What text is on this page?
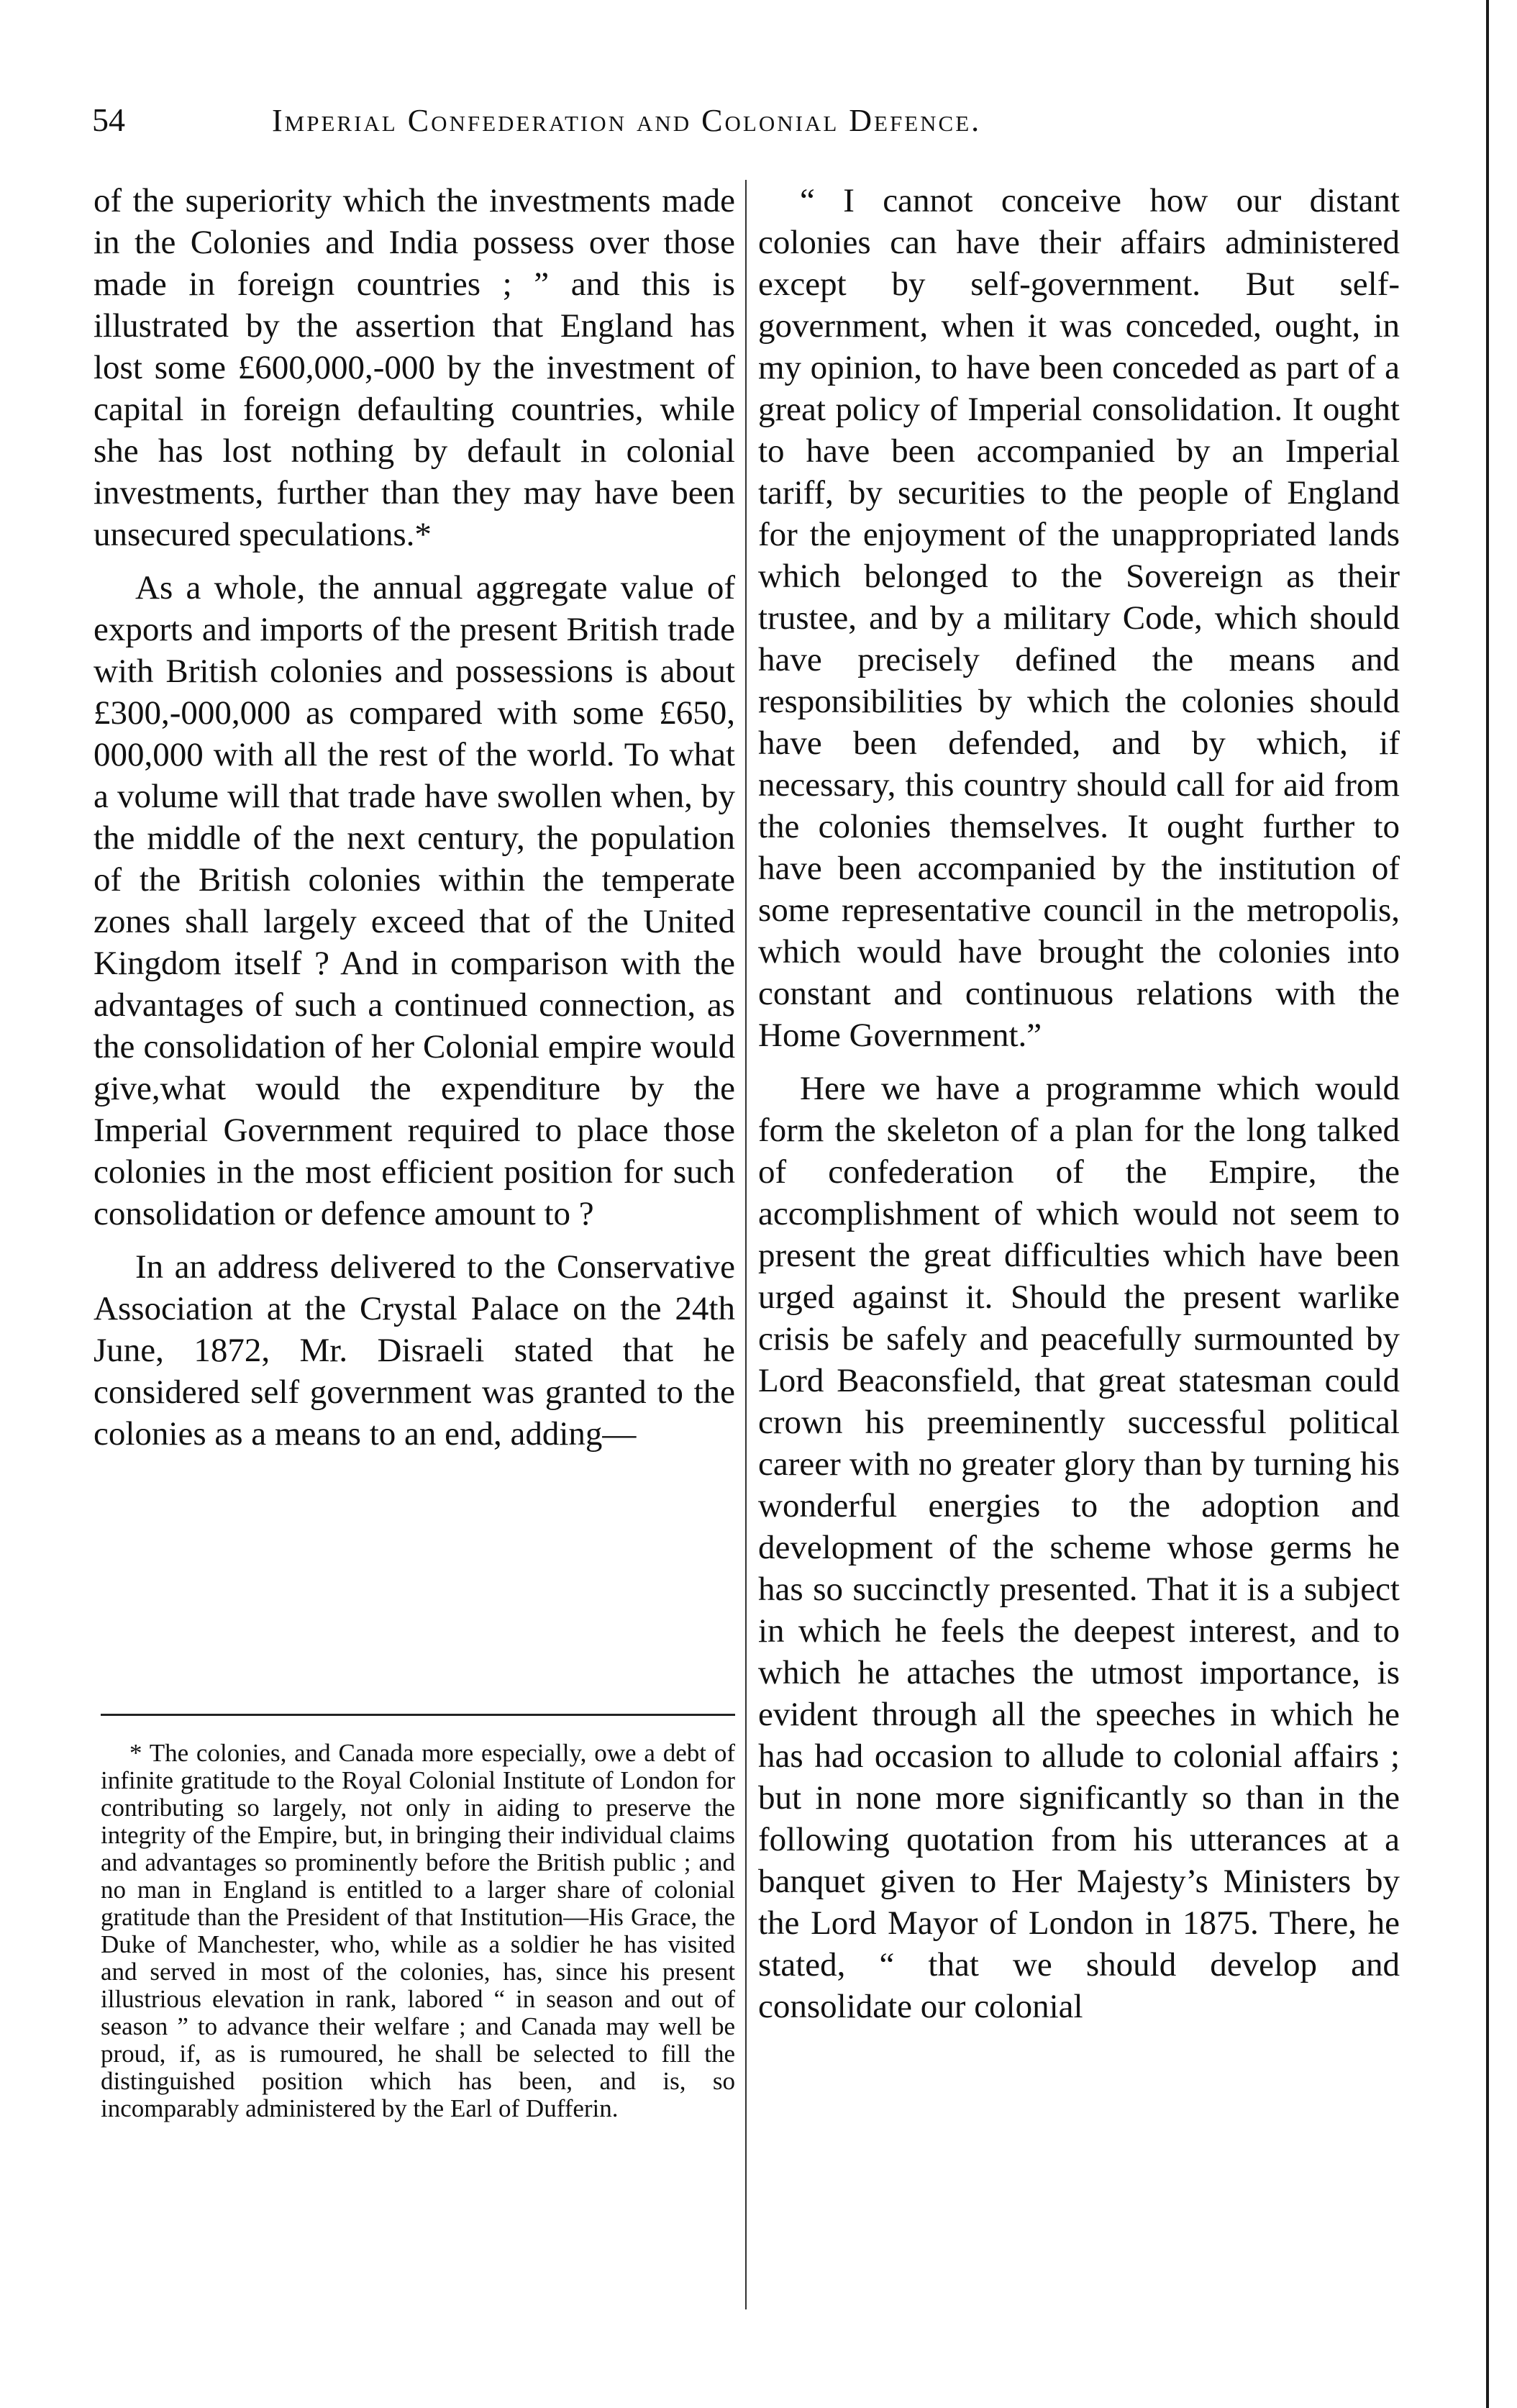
54	Imperial Confederation and Colonial Defence.

of the superiority which the investments made in the Colonies and India possess over those made in foreign countries ; ” and this is illustrated by the assertion that England has lost some £600,000,-000 by the investment of capital in foreign defaulting countries, while she has lost nothing by default in colonial investments, further than they may have been unsecured speculations.*

As a whole, the annual aggregate value of exports and imports of the present British trade with British colonies and possessions is about £300,-000,000 as compared with some £650, 000,000 with all the rest of the world. To what a volume will that trade have swollen when, by the middle of the next century, the population of the British colonies within the temperate zones shall largely exceed that of the United Kingdom itself ? And in comparison with the advantages of such a continued connection, as the consolidation of her Colonial empire would give,what would the expenditure by the Imperial Government required to place those colonies in the most efficient position for such consolidation or defence amount to ?

In an address delivered to the Conservative Association at the Crystal Palace on the 24th June, 1872, Mr. Disraeli stated that he considered self government was granted to the colonies as a means to an end, adding—

“ I cannot conceive how our distant colonies can have their affairs administered except by self-government. But self-government, when it was conceded, ought, in my opinion, to have been conceded as part of a great policy of Imperial consolidation. It ought to have been accompanied by an Imperial tariff, by securities to the people of England for the enjoyment of the unappropriated lands which belonged to the Sovereign as their trustee, and by a military Code, which should have precisely defined the means and responsibilities by which the colonies should have been defended, and by which, if necessary, this country should call for aid from the colonies themselves. It ought further to have been accompanied by the institution of some representative council in the metropolis, which would have brought the colonies into constant and continuous relations with the Home Government.”

Here we have a programme which would form the skeleton of a plan for the long talked of confederation of the Empire, the accomplishment of which would not seem to present the great difficulties which have been urged against it. Should the present warlike crisis be safely and peacefully surmounted by Lord Beaconsfield, that great statesman could crown his preeminently successful political career with no greater glory than by turning his wonderful energies to the adoption and development of the scheme whose germs he has so succinctly presented. That it is a subject in which he feels the deepest interest, and to which he attaches the utmost importance, is evident through all the speeches in which he has had occasion to allude to colonial affairs ; but in none more significantly so than in the following quotation from his utterances at a banquet given to Her Majesty’s Ministers by the Lord Mayor of London in 1875. There, he stated, “ that we should develop and consolidate our colonial

* The colonies, and Canada more especially, owe a debt of infinite gratitude to the Royal Colonial Institute of London for contributing so largely, not only in aiding to preserve the integrity of the Empire, but, in bringing their individual claims and advantages so prominently before the British public ; and no man in England is entitled to a larger share of colonial gratitude than the President of that Institution—His Grace, the Duke of Manchester, who, while as a soldier he has visited and served in most of the colonies, has, since his present illustrious elevation in rank, labored “ in season and out of season ” to advance their welfare ; and Canada may well be proud, if, as is rumoured, he shall be selected to fill the distinguished position which has been, and is, so incomparably administered by the Earl of Dufferin.
